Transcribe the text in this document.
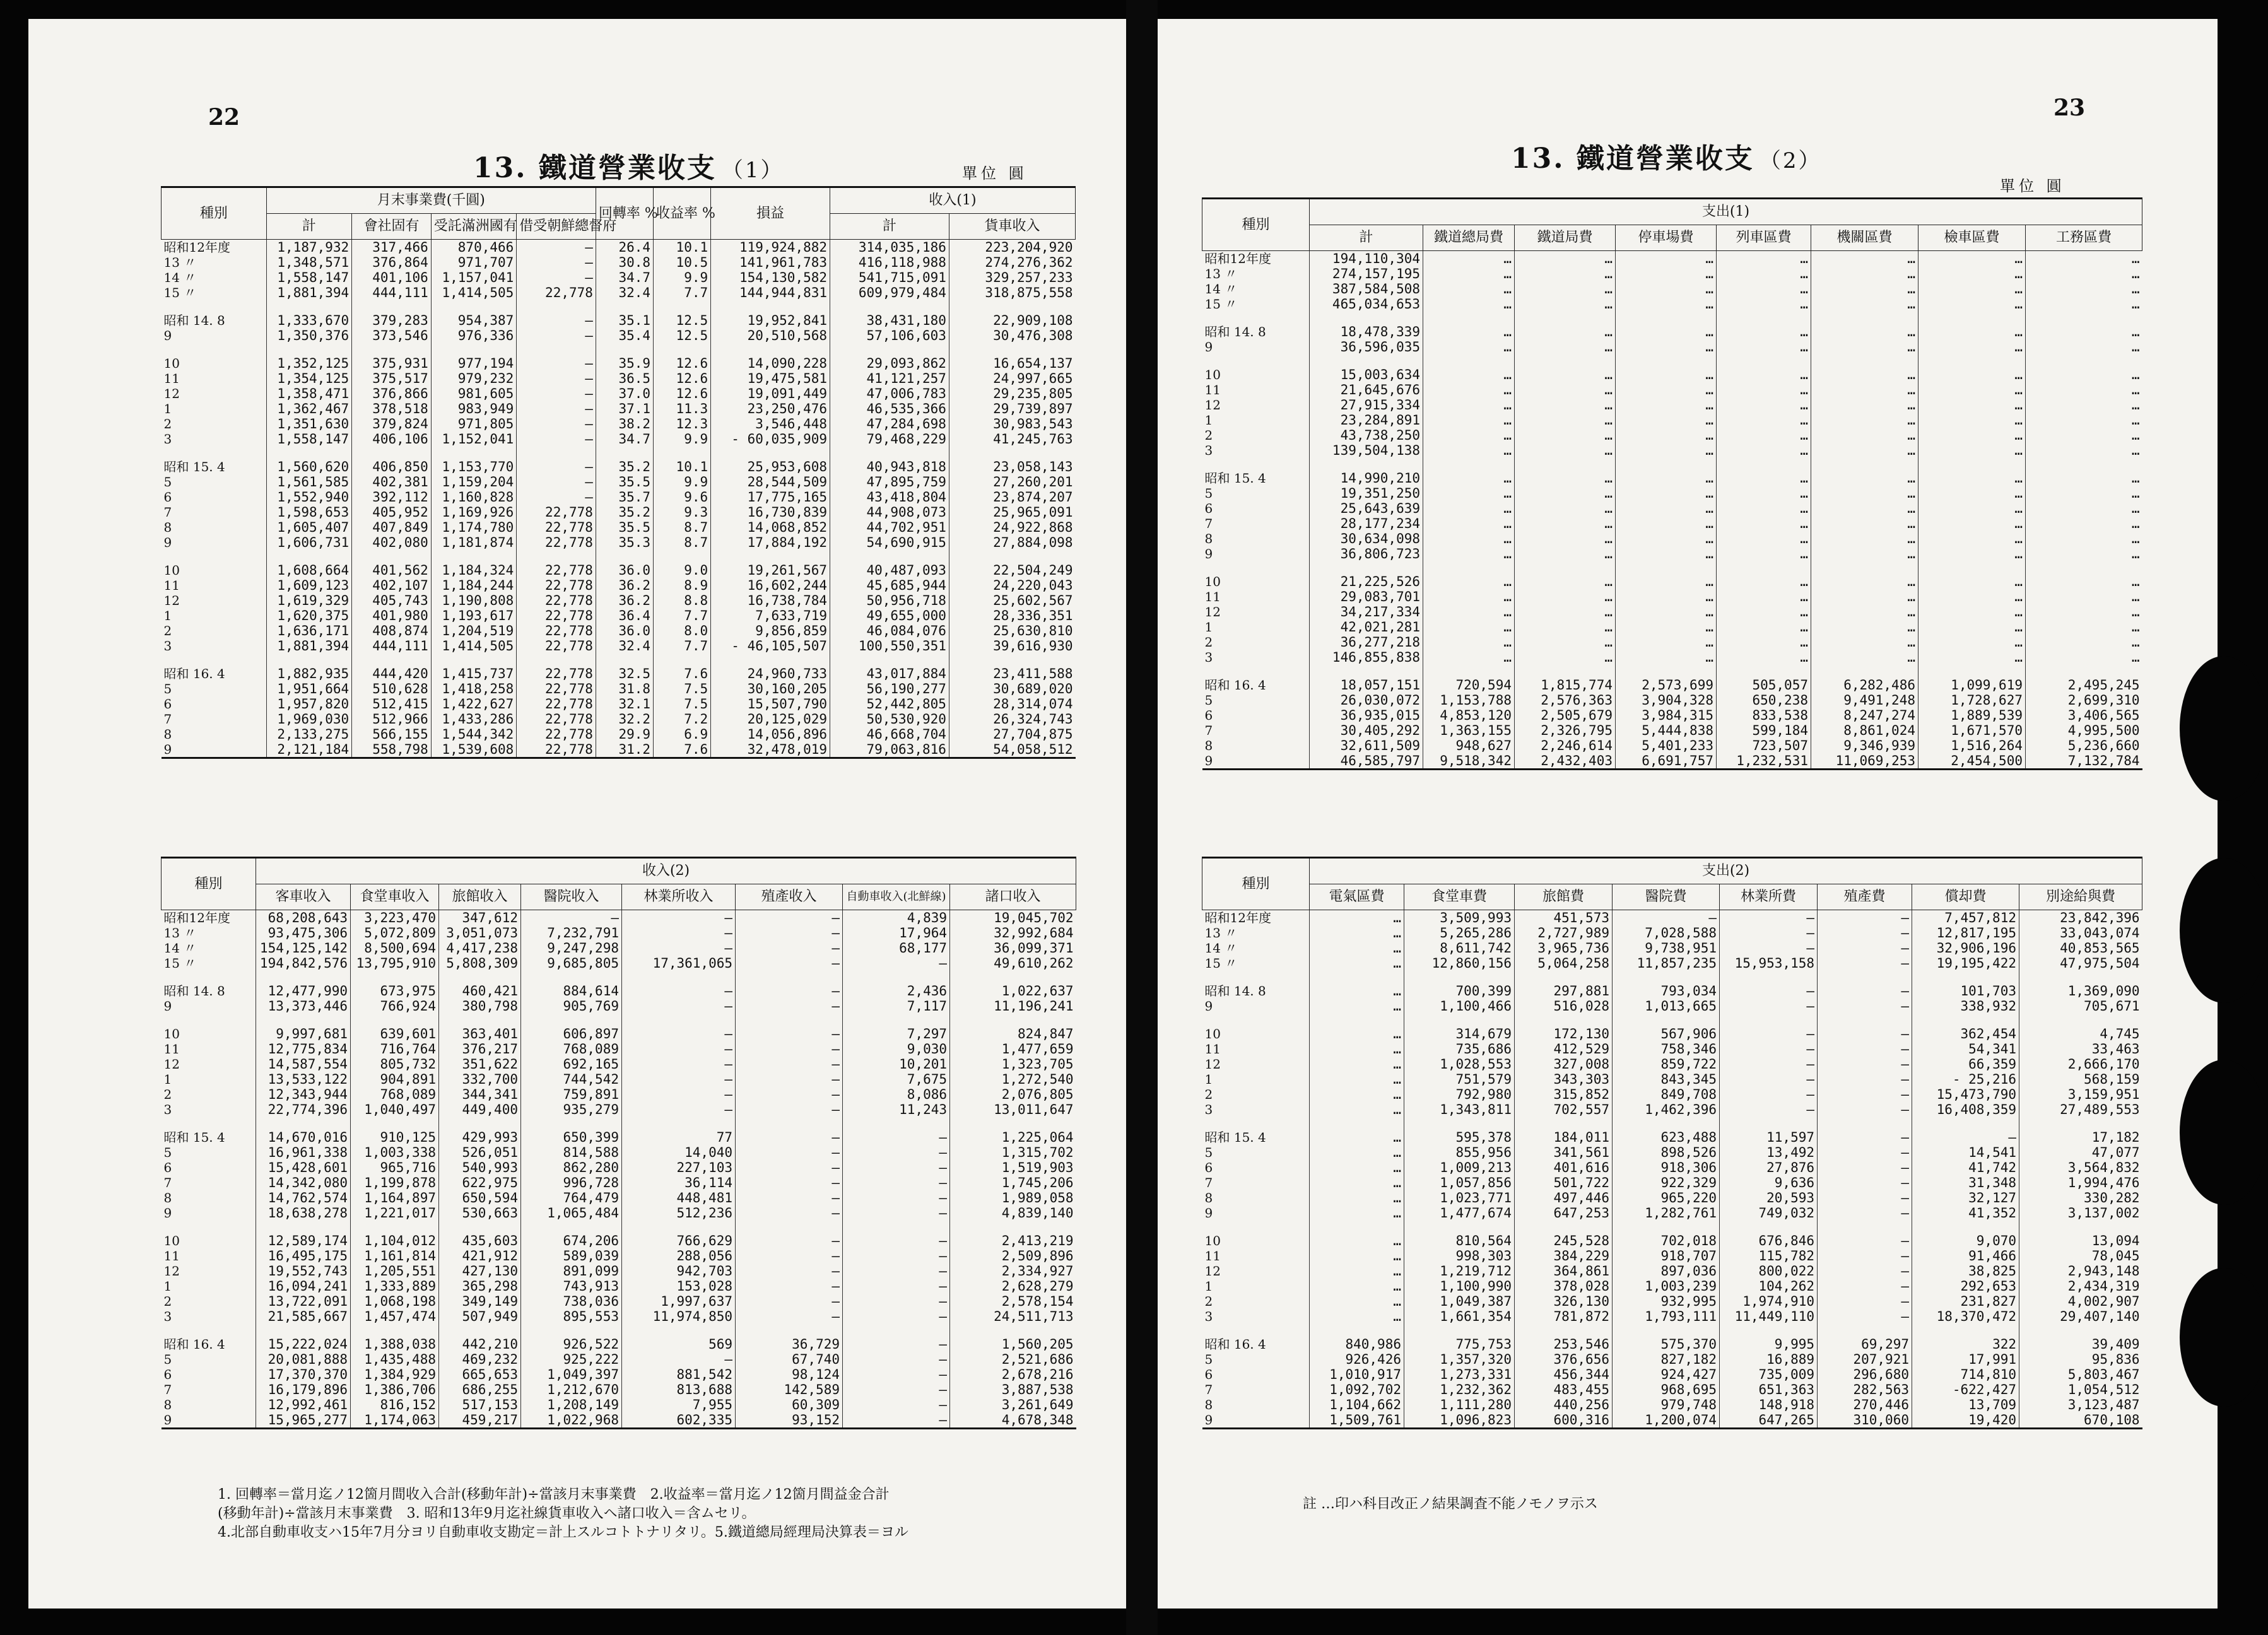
22
13. 鐵道營業收支 （1）	單位 圓
種別	月末事業費(千圓)				回轉率 %	收益率 %	損益	收入(1)	
	計	會社固有	受託滿洲國有	借受朝鮮總督府				計	貨車收入
昭和12年度	1,187,932	317,466	870,466	—	26.4	10.1	119,924,882	314,035,186	223,204,920
13 〃	1,348,571	376,864	971,707	—	30.8	10.5	141,961,783	416,118,988	274,276,362
14 〃	1,558,147	401,106	1,157,041	—	34.7	9.9	154,130,582	541,715,091	329,257,233
15 〃	1,881,394	444,111	1,414,505	22,778	32.4	7.7	144,944,831	609,979,484	318,875,558

昭和 14. 8	1,333,670	379,283	954,387	—	35.1	12.5	19,952,841	38,431,180	22,909,108
9	1,350,376	373,546	976,336	—	35.4	12.5	20,510,568	57,106,603	30,476,308

10	1,352,125	375,931	977,194	—	35.9	12.6	14,090,228	29,093,862	16,654,137
11	1,354,125	375,517	979,232	—	36.5	12.6	19,475,581	41,121,257	24,997,665
12	1,358,471	376,866	981,605	—	37.0	12.6	19,091,449	47,006,783	29,235,805
1	1,362,467	378,518	983,949	—	37.1	11.3	23,250,476	46,535,366	29,739,897
2	1,351,630	379,824	971,805	—	38.2	12.3	3,546,448	47,284,698	30,983,543
3	1,558,147	406,106	1,152,041	—	34.7	9.9	- 60,035,909	79,468,229	41,245,763

昭和 15. 4	1,560,620	406,850	1,153,770	—	35.2	10.1	25,953,608	40,943,818	23,058,143
5	1,561,585	402,381	1,159,204	—	35.5	9.9	28,544,509	47,895,759	27,260,201
6	1,552,940	392,112	1,160,828	—	35.7	9.6	17,775,165	43,418,804	23,874,207
7	1,598,653	405,952	1,169,926	22,778	35.2	9.3	16,730,839	44,908,073	25,965,091
8	1,605,407	407,849	1,174,780	22,778	35.5	8.7	14,068,852	44,702,951	24,922,868
9	1,606,731	402,080	1,181,874	22,778	35.3	8.7	17,884,192	54,690,915	27,884,098

10	1,608,664	401,562	1,184,324	22,778	36.0	9.0	19,261,567	40,487,093	22,504,249
11	1,609,123	402,107	1,184,244	22,778	36.2	8.9	16,602,244	45,685,944	24,220,043
12	1,619,329	405,743	1,190,808	22,778	36.2	8.8	16,738,784	50,956,718	25,602,567
1	1,620,375	401,980	1,193,617	22,778	36.4	7.7	7,633,719	49,655,000	28,336,351
2	1,636,171	408,874	1,204,519	22,778	36.0	8.0	9,856,859	46,084,076	25,630,810
3	1,881,394	444,111	1,414,505	22,778	32.4	7.7	- 46,105,507	100,550,351	39,616,930

昭和 16. 4	1,882,935	444,420	1,415,737	22,778	32.5	7.6	24,960,733	43,017,884	23,411,588
5	1,951,664	510,628	1,418,258	22,778	31.8	7.5	30,160,205	56,190,277	30,689,020
6	1,957,820	512,415	1,422,627	22,778	32.1	7.5	15,507,790	52,442,805	28,314,074
7	1,969,030	512,966	1,433,286	22,778	32.2	7.2	20,125,029	50,530,920	26,324,743
8	2,133,275	566,155	1,544,342	22,778	29.9	6.9	14,056,896	46,668,704	27,704,875
9	2,121,184	558,798	1,539,608	22,778	31.2	7.6	32,478,019	79,063,816	54,058,512
種別	收入(2)							
	客車收入	食堂車收入	旅館收入	醫院收入	林業所收入	殖產收入	自動車收入(北鮮線)	諸口收入
昭和12年度	68,208,643	3,223,470	347,612	—	—	—	4,839	19,045,702
13 〃	93,475,306	5,072,809	3,051,073	7,232,791	—	—	17,964	32,992,684
14 〃	154,125,142	8,500,694	4,417,238	9,247,298	—	—	68,177	36,099,371
15 〃	194,842,576	13,795,910	5,808,309	9,685,805	17,361,065	—	—	49,610,262

昭和 14. 8	12,477,990	673,975	460,421	884,614	—	—	2,436	1,022,637
9	13,373,446	766,924	380,798	905,769	—	—	7,117	11,196,241

10	9,997,681	639,601	363,401	606,897	—	—	7,297	824,847
11	12,775,834	716,764	376,217	768,089	—	—	9,030	1,477,659
12	14,587,554	805,732	351,622	692,165	—	—	10,201	1,323,705
1	13,533,122	904,891	332,700	744,542	—	—	7,675	1,272,540
2	12,343,944	768,089	344,341	759,891	—	—	8,086	2,076,805
3	22,774,396	1,040,497	449,400	935,279	—	—	11,243	13,011,647

昭和 15. 4	14,670,016	910,125	429,993	650,399	77	—	—	1,225,064
5	16,961,338	1,003,338	526,051	814,588	14,040	—	—	1,315,702
6	15,428,601	965,716	540,993	862,280	227,103	—	—	1,519,903
7	14,342,080	1,199,878	622,975	996,728	36,114	—	—	1,745,206
8	14,762,574	1,164,897	650,594	764,479	448,481	—	—	1,989,058
9	18,638,278	1,221,017	530,663	1,065,484	512,236	—	—	4,839,140

10	12,589,174	1,104,012	435,603	674,206	766,629	—	—	2,413,219
11	16,495,175	1,161,814	421,912	589,039	288,056	—	—	2,509,896
12	19,552,743	1,205,551	427,130	891,099	942,703	—	—	2,334,927
1	16,094,241	1,333,889	365,298	743,913	153,028	—	—	2,628,279
2	13,722,091	1,068,198	349,149	738,036	1,997,637	—	—	2,578,154
3	21,585,667	1,457,474	507,949	895,553	11,974,850	—	—	24,511,713

昭和 16. 4	15,222,024	1,388,038	442,210	926,522	569	36,729	—	1,560,205
5	20,081,888	1,435,488	469,232	925,222	—	67,740	—	2,521,686
6	17,370,370	1,384,929	665,653	1,049,397	881,542	98,124	—	2,678,216
7	16,179,896	1,386,706	686,255	1,212,670	813,688	142,589	—	3,887,538
8	12,992,461	816,152	517,153	1,208,149	7,955	60,309	—	3,261,649
9	15,965,277	1,174,063	459,217	1,022,968	602,335	93,152	—	4,678,348
1. 回轉率＝當月迄ノ12箇月間收入合計(移動年計)÷當該月末事業費　2.收益率＝當月迄ノ12箇月間益金合計
(移動年計)÷當該月末事業費　3. 昭和13年9月迄社線貨車收入ヘ諸口收入＝含ムセリ。
4.北部自動車收支ハ15年7月分ヨリ自動車收支勘定＝計上スルコトトナリタリ。5.鐵道總局經理局決算表＝ヨル
23
13. 鐵道營業收支 （2）
單位 圓
種別	支出(1)							
	計	鐵道總局費	鐵道局費	停車場費	列車區費	機關區費	檢車區費	工務區費
昭和12年度	194,110,304	…	…	…	…	…	…	…
13 〃	274,157,195	…	…	…	…	…	…	…
14 〃	387,584,508	…	…	…	…	…	…	…
15 〃	465,034,653	…	…	…	…	…	…	…

昭和 14. 8	18,478,339	…	…	…	…	…	…	…
9	36,596,035	…	…	…	…	…	…	…

10	15,003,634	…	…	…	…	…	…	…
11	21,645,676	…	…	…	…	…	…	…
12	27,915,334	…	…	…	…	…	…	…
1	23,284,891	…	…	…	…	…	…	…
2	43,738,250	…	…	…	…	…	…	…
3	139,504,138	…	…	…	…	…	…	…

昭和 15. 4	14,990,210	…	…	…	…	…	…	…
5	19,351,250	…	…	…	…	…	…	…
6	25,643,639	…	…	…	…	…	…	…
7	28,177,234	…	…	…	…	…	…	…
8	30,634,098	…	…	…	…	…	…	…
9	36,806,723	…	…	…	…	…	…	…

10	21,225,526	…	…	…	…	…	…	…
11	29,083,701	…	…	…	…	…	…	…
12	34,217,334	…	…	…	…	…	…	…
1	42,021,281	…	…	…	…	…	…	…
2	36,277,218	…	…	…	…	…	…	…
3	146,855,838	…	…	…	…	…	…	…

昭和 16. 4	18,057,151	720,594	1,815,774	2,573,699	505,057	6,282,486	1,099,619	2,495,245
5	26,030,072	1,153,788	2,576,363	3,904,328	650,238	9,491,248	1,728,627	2,699,310
6	36,935,015	4,853,120	2,505,679	3,984,315	833,538	8,247,274	1,889,539	3,406,565
7	30,405,292	1,363,155	2,326,795	5,444,838	599,184	8,861,024	1,671,570	4,995,500
8	32,611,509	948,627	2,246,614	5,401,233	723,507	9,346,939	1,516,264	5,236,660
9	46,585,797	9,518,342	2,432,403	6,691,757	1,232,531	11,069,253	2,454,500	7,132,784
種別	支出(2)							
	電氣區費	食堂車費	旅館費	醫院費	林業所費	殖產費	償却費	別途給與費
昭和12年度	…	3,509,993	451,573	—	—	—	7,457,812	23,842,396
13 〃	…	5,265,286	2,727,989	7,028,588	—	—	12,817,195	33,043,074
14 〃	…	8,611,742	3,965,736	9,738,951	—	—	32,906,196	40,853,565
15 〃	…	12,860,156	5,064,258	11,857,235	15,953,158	—	19,195,422	47,975,504

昭和 14. 8	…	700,399	297,881	793,034	—	—	101,703	1,369,090
9	…	1,100,466	516,028	1,013,665	—	—	338,932	705,671

10	…	314,679	172,130	567,906	—	—	362,454	4,745
11	…	735,686	412,529	758,346	—	—	54,341	33,463
12	…	1,028,553	327,008	859,722	—	—	66,359	2,666,170
1	…	751,579	343,303	843,345	—	—	- 25,216	568,159
2	…	792,980	315,852	849,708	—	—	15,473,790	3,159,951
3	…	1,343,811	702,557	1,462,396	—	—	16,408,359	27,489,553

昭和 15. 4	…	595,378	184,011	623,488	11,597	—	—	17,182
5	…	855,956	341,561	898,526	13,492	—	14,541	47,077
6	…	1,009,213	401,616	918,306	27,876	—	41,742	3,564,832
7	…	1,057,856	501,722	922,329	9,636	—	31,348	1,994,476
8	…	1,023,771	497,446	965,220	20,593	—	32,127	330,282
9	…	1,477,674	647,253	1,282,761	749,032	—	41,352	3,137,002

10	…	810,564	245,528	702,018	676,846	—	9,070	13,094
11	…	998,303	384,229	918,707	115,782	—	91,466	78,045
12	…	1,219,712	364,861	897,036	800,022	—	38,825	2,943,148
1	…	1,100,990	378,028	1,003,239	104,262	—	292,653	2,434,319
2	…	1,049,387	326,130	932,995	1,974,910	—	231,827	4,002,907
3	…	1,661,354	781,872	1,793,111	11,449,110	—	18,370,472	29,407,140

昭和 16. 4	840,986	775,753	253,546	575,370	9,995	69,297	322	39,409
5	926,426	1,357,320	376,656	827,182	16,889	207,921	17,991	95,836
6	1,010,917	1,273,331	456,344	924,427	735,009	296,680	714,810	5,803,467
7	1,092,702	1,232,362	483,455	968,695	651,363	282,563	-622,427	1,054,512
8	1,104,662	1,111,280	440,256	979,748	148,918	270,446	13,709	3,123,487
9	1,509,761	1,096,823	600,316	1,200,074	647,265	310,060	19,420	670,108
註 …印ハ科目改正ノ結果調査不能ノモノヲ示ス
